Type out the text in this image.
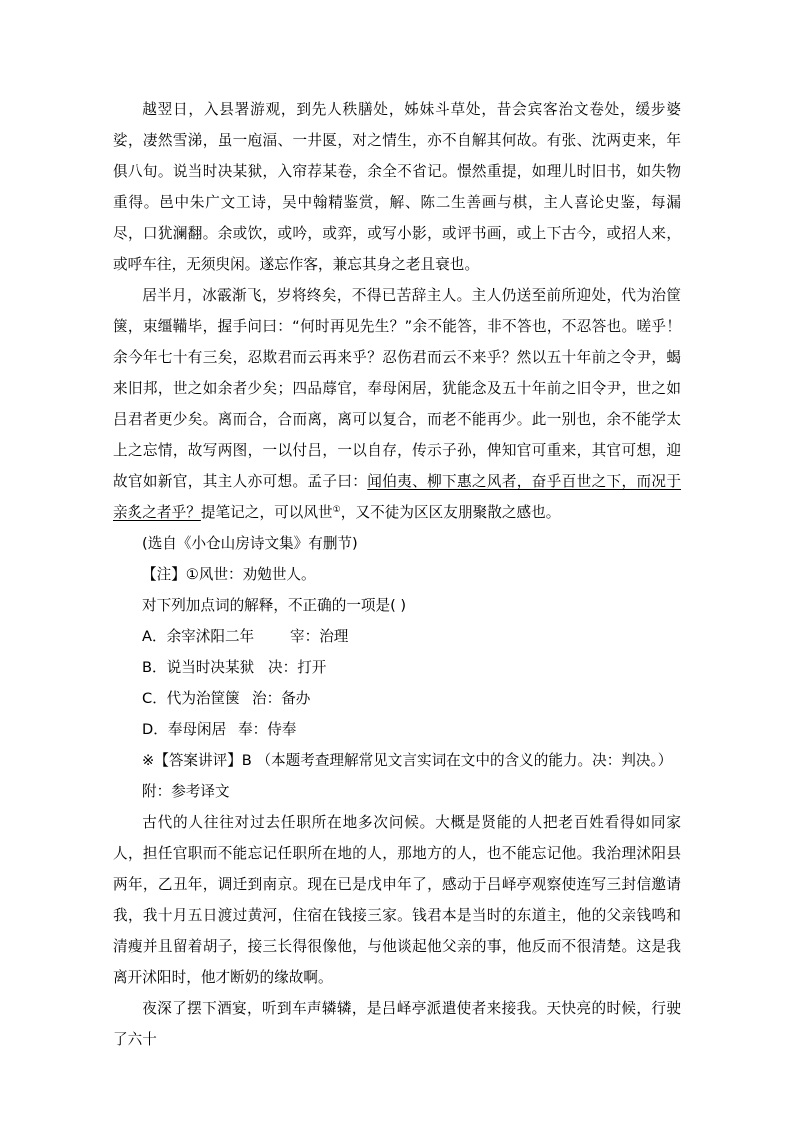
越翌日，入县署游观，到先人秩膳处，姊妹斗草处，昔会宾客治文卷处，缓步婆娑，凄然雪涕，虽一庖湢、一井匽，对之情生，亦不自解其何故。有张、沈两吏来，年俱八旬。说当时决某狱，入帘荐某卷，余全不省记。憬然重提，如理儿时旧书，如失物重得。邑中朱广文工诗，吴中翰精鉴赏，解、陈二生善画与棋，主人喜论史鉴，每漏尽，口犹澜翻。余或饮，或吟，或弈，或写小影，或评书画，或上下古今，或招人来，或呼车往，无须臾闲。遂忘作客，兼忘其身之老且衰也。

居半月，冰霰渐飞，岁将终矣，不得已苦辞主人。主人仍送至前所迎处，代为治筐箧，束缰鞴毕，握手问曰：“何时再见先生？”余不能答，非不答也，不忍答也。嗟乎！余今年七十有三矣，忍欺君而云再来乎？忍伤君而云不来乎？然以五十年前之令尹，蝎来旧邦，世之如余者少矣；四品蓐官，奉母闲居，犹能念及五十年前之旧令尹，世之如吕君者更少矣。离而合，合而离，离可以复合，而老不能再少。此一别也，余不能学太上之忘情，故写两图，一以付吕，一以自存，传示子孙，俾知官可重来，其官可想，迎故官如新官，其主人亦可想。孟子曰：闻伯夷、柳下惠之风者，奋乎百世之下，而况于亲炙之者乎？提笔记之，可以风世①，又不徒为区区友朋聚散之感也。

(选自《小仓山房诗文集》有删节)

【注】①风世：劝勉世人。

对下列加点词的解释，不正确的一项是( )

A．余宰沭阳二年 宰：治理

B．说当时决某狱 决：打开

C．代为治筐箧 治：备办

D．奉母闲居 奉：侍奉

※【答案讲评】B （本题考查理解常见文言实词在文中的含义的能力。决：判决。）

附：参考译文

古代的人往往对过去任职所在地多次问候。大概是贤能的人把老百姓看得如同家人，担任官职而不能忘记任职所在地的人，那地方的人，也不能忘记他。我治理沭阳县两年，乙丑年，调迁到南京。现在已是戊申年了，感动于吕峄亭观察使连写三封信邀请我，我十月五日渡过黄河，住宿在钱接三家。钱君本是当时的东道主，他的父亲钱鸣和清瘦并且留着胡子，接三长得很像他，与他谈起他父亲的事，他反而不很清楚。这是我离开沭阳时，他才断奶的缘故啊。

夜深了摆下酒宴，听到车声辚辚，是吕峄亭派遣使者来接我。天快亮的时候，行驶了六十
